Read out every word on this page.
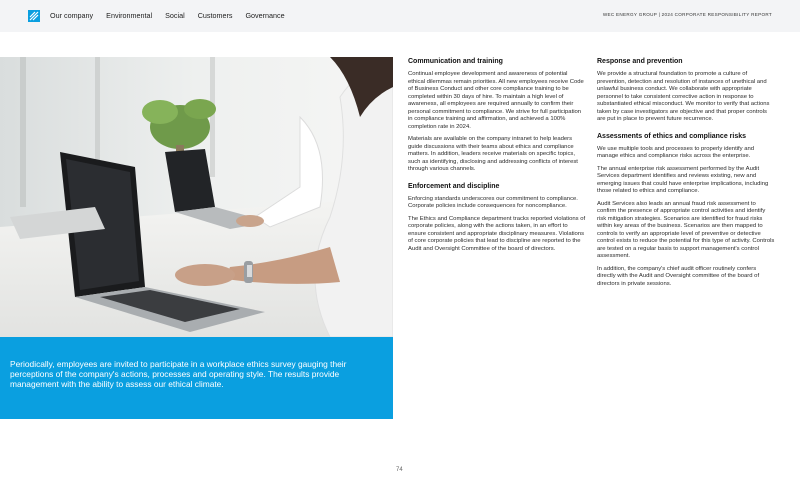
Our company Environmental Social Customers Governance	WEC ENERGY GROUP | 2024 CORPORATE RESPONSIBILITY REPORT

Periodically, employees are invited to participate in a workplace ethics survey gauging their perceptions of the company's actions, processes and operating style. The results provide management with the ability to assess our ethical climate.

Communication and training

Continual employee development and awareness of potential ethical dilemmas remain priorities. All new employees receive Code of Business Conduct and other core compliance training to be completed within 30 days of hire. To maintain a high level of awareness, all employees are required annually to confirm their personal commitment to compliance. We strive for full participation in compliance training and affirmation, and achieved a 100% completion rate in 2024.

Materials are available on the company intranet to help leaders guide discussions with their teams about ethics and compliance matters. In addition, leaders receive materials on specific topics, such as identifying, disclosing and addressing conflicts of interest through various channels.

Enforcement and discipline

Enforcing standards underscores our commitment to compliance. Corporate policies include consequences for noncompliance.

The Ethics and Compliance department tracks reported violations of corporate policies, along with the actions taken, in an effort to ensure consistent and appropriate disciplinary measures. Violations of core corporate policies that lead to discipline are reported to the Audit and Oversight Committee of the board of directors.

Response and prevention

We provide a structural foundation to promote a culture of prevention, detection and resolution of instances of unethical and unlawful business conduct. We collaborate with appropriate personnel to take consistent corrective action in response to substantiated ethical misconduct. We monitor to verify that actions taken by case investigators are objective and that proper controls are put in place to prevent future recurrence.

Assessments of ethics and compliance risks

We use multiple tools and processes to properly identify and manage ethics and compliance risks across the enterprise.

The annual enterprise risk assessment performed by the Audit Services department identifies and reviews existing, new and emerging issues that could have enterprise implications, including those related to ethics and compliance.

Audit Services also leads an annual fraud risk assessment to confirm the presence of appropriate control activities and identify risk mitigation strategies. Scenarios are identified for fraud risks within key areas of the business. Scenarios are then mapped to controls to verify an appropriate level of preventive or detective control exists to reduce the potential for this type of activity. Controls are tested on a regular basis to support management's control assessment.

In addition, the company's chief audit officer routinely confers directly with the Audit and Oversight committee of the board of directors in private sessions.

74
